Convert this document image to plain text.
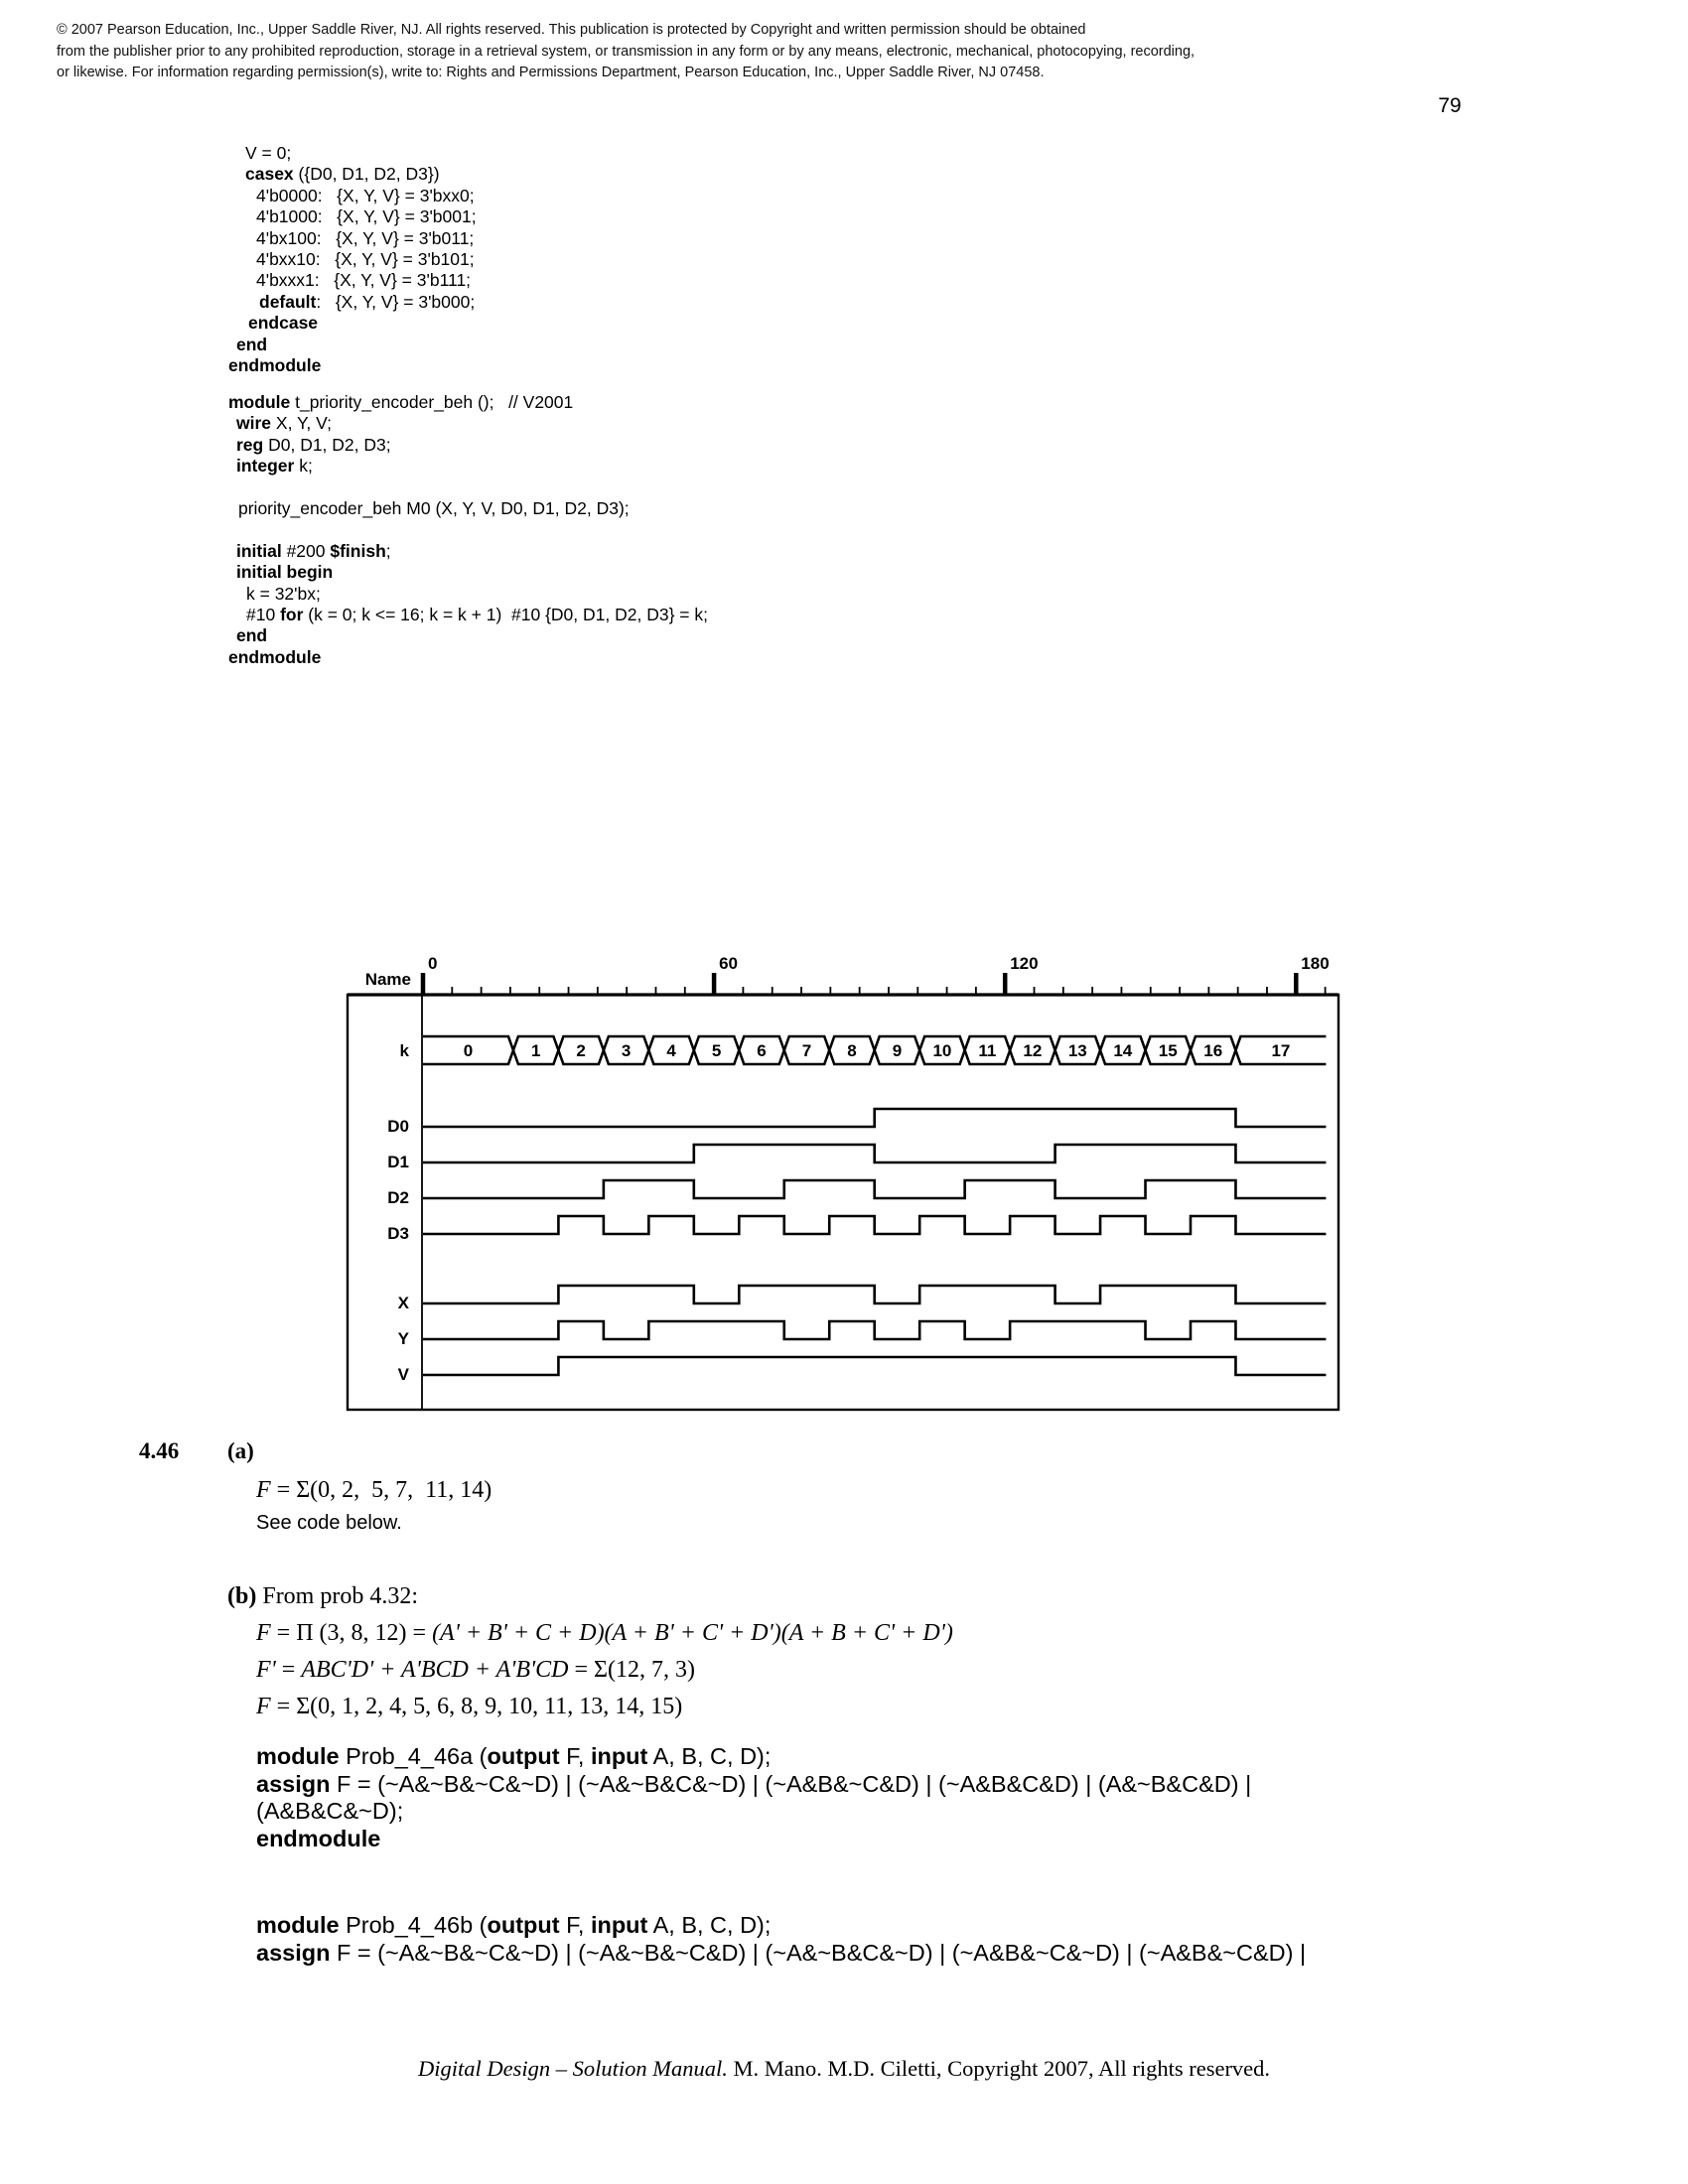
© 2007 Pearson Education, Inc., Upper Saddle River, NJ. All rights reserved. This publication is protected by Copyright and written permission should be obtained
from the publisher prior to any prohibited reproduction, storage in a retrieval system, or transmission in any form or by any means, electronic, mechanical, photocopying, recording,
or likewise. For information regarding permission(s), write to: Rights and Permissions Department, Pearson Education, Inc., Upper Saddle River, NJ 07458.
79
V = 0;
casex ({D0, D1, D2, D3})
4'b0000:   {X, Y, V} = 3'bxx0;
4'b1000:   {X, Y, V} = 3'b001;
4'bx100:   {X, Y, V} = 3'b011;
4'bxx10:   {X, Y, V} = 3'b101;
4'bxxx1:   {X, Y, V} = 3'b111;
default:   {X, Y, V} = 3'b000;
endcase
end
endmodule
module t_priority_encoder_beh ();   // V2001
wire X, Y, V;
reg D0, D1, D2, D3;
integer k;

priority_encoder_beh M0 (X, Y, V, D0, D1, D2, D3);

initial #200 $finish;
initial begin
k = 32'bx;
#10 for (k = 0; k <= 16; k = k + 1)  #10 {D0, D1, D2, D3} = k;
end
endmodule
Name
0	60	120	180
k	0	1 2 3 4 5 6 7 8 9 10 11 12 13 14 15 16	17
D0
D1
D2
D3
X
Y
V
4.46 (a)
F = Σ(0, 2,  5, 7,  11, 14)
See code below.
(b) From prob 4.32:
F = Π (3, 8, 12) = (A' + B' + C + D)(A + B' + C' + D')(A + B + C' + D')
F' = ABC'D' + A'BCD + A'B'CD = Σ(12, 7, 3)
F = Σ(0, 1, 2, 4, 5, 6, 8, 9, 10, 11, 13, 14, 15)
module Prob_4_46a (output F, input A, B, C, D);
assign F = (~A&~B&~C&~D) | (~A&~B&C&~D) | (~A&B&~C&D) | (~A&B&C&D) | (A&~B&C&D) |
(A&B&C&~D);
endmodule
module Prob_4_46b (output F, input A, B, C, D);
assign F = (~A&~B&~C&~D) | (~A&~B&~C&D) | (~A&~B&C&~D) | (~A&B&~C&~D) | (~A&B&~C&D) |
Digital Design – Solution Manual. M. Mano. M.D. Ciletti, Copyright 2007, All rights reserved.
